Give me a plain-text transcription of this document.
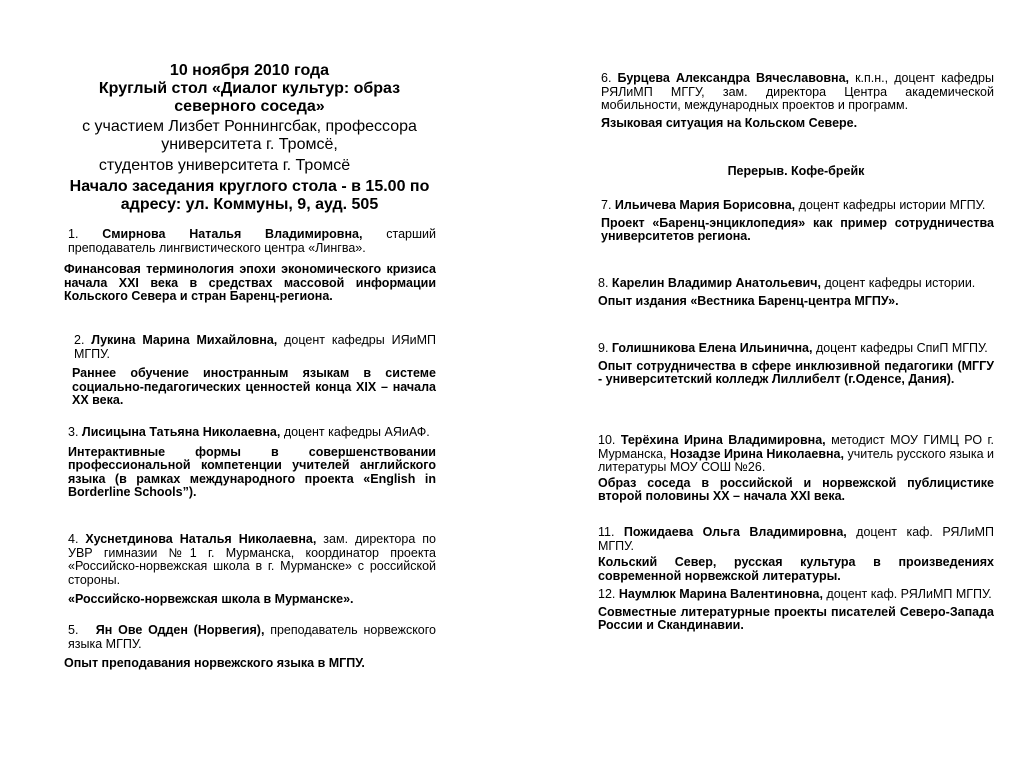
10 ноября 2010 года
Круглый стол «Диалог культур: образ северного соседа»
с участием Лизбет Роннингсбак, профессора университета г. Тромсё,
студентов университета г. Тромсё
Начало заседания круглого стола - в 15.00 по адресу: ул. Коммуны, 9, ауд. 505
1. Смирнова Наталья Владимировна, старший преподаватель лингвистического центра «Лингва».
Финансовая терминология эпохи экономического кризиса начала XXI века в средствах массовой информации Кольского Севера и стран Баренц-региона.
2. Лукина Марина Михайловна, доцент кафедры ИЯиМП МГПУ.
Раннее обучение иностранным языкам в системе социально-педагогических ценностей конца XIX – начала XX века.
3. Лисицына Татьяна Николаевна, доцент кафедры АЯиАФ.
Интерактивные формы в совершенствовании профессиональной компетенции учителей английского языка (в рамках международного проекта «English in Borderline Schools”).
4. Хуснетдинова Наталья Николаевна, зам. директора по УВР гимназии №1 г. Мурманска, координатор проекта «Российско-норвежская школа в г. Мурманске» с российской стороны.
«Российско-норвежская школа в Мурманске».
5. Ян Ове Одден (Норвегия), преподаватель норвежского языка МГПУ.
Опыт преподавания норвежского языка в МГПУ.
6. Бурцева Александра Вячеславовна, к.п.н., доцент кафедры РЯЛиМП МГГУ, зам. директора Центра академической мобильности, международных проектов и программ.
Языковая ситуация на Кольском Севере.
Перерыв. Кофе-брейк
7. Ильичева Мария Борисовна, доцент кафедры истории МГПУ.
Проект «Баренц-энциклопедия» как пример сотрудничества университетов региона.
8. Карелин Владимир Анатольевич, доцент кафедры истории.
Опыт издания «Вестника Баренц-центра МГПУ».
9. Голишникова Елена Ильинична, доцент кафедры СпиП МГПУ.
Опыт сотрудничества в сфере инклюзивной педагогики (МГГУ - университетский колледж Лиллибелт (г.Оденсе, Дания).
10. Терёхина Ирина Владимировна, методист МОУ ГИМЦ РО г. Мурманска, Нозадзе Ирина Николаевна, учитель русского языка и литературы МОУ СОШ №26.
Образ соседа в российской и норвежской публицистике второй половины XX – начала XXI века.
11. Пожидаева Ольга Владимировна, доцент каф. РЯЛиМП МГПУ.
Кольский Север, русская культура в произведениях современной норвежской литературы.
12. Наумлюк Марина Валентиновна, доцент каф. РЯЛиМП МГПУ.
Совместные литературные проекты писателей Северо-Запада России и Скандинавии.
